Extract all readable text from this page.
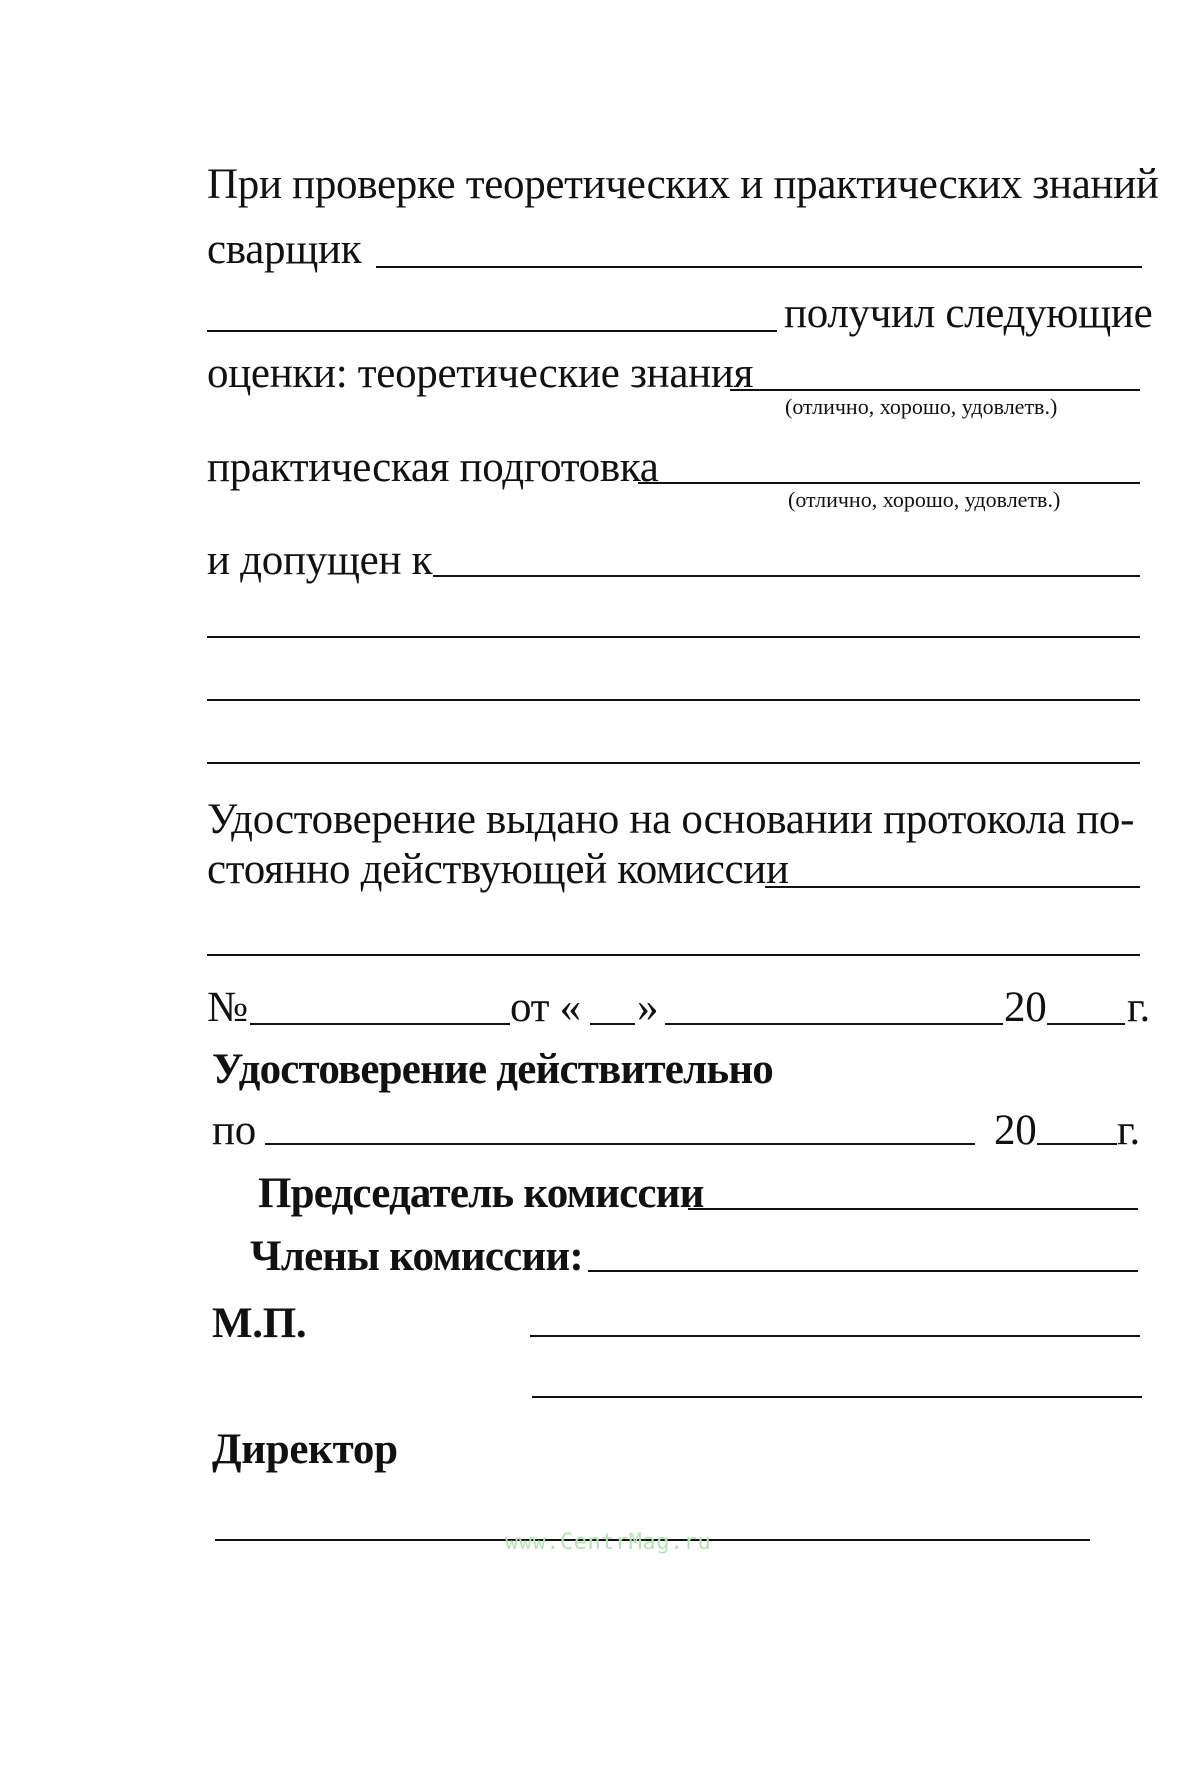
При проверке теоретических и практических знаний
сварщик
получил следующие
оценки: теоретические знания
(отлично, хорошо, удовлетв.)
практическая подготовка
(отлично, хорошо, удовлетв.)
и допущен к
Удостоверение выдано на основании протокола по-
стоянно действующей комиссии
№	от « »	20 г.
Удостоверение действительно
по	20 г.
Председатель комиссии
Члены комиссии:
М.П.
Директор
www.CentrMag.ru
